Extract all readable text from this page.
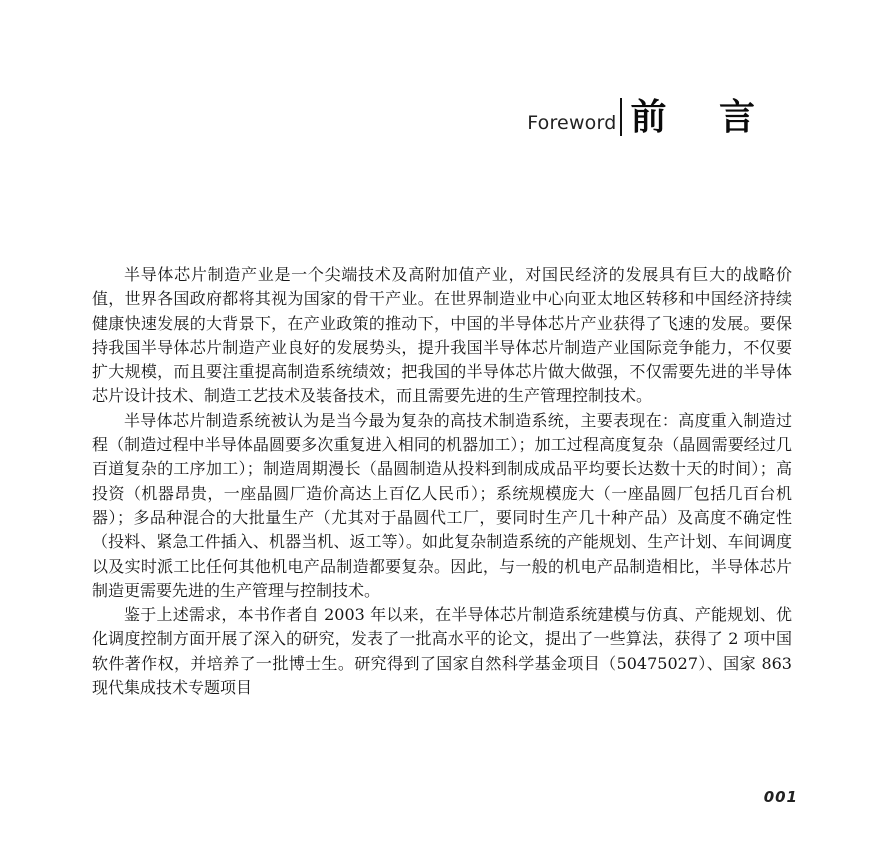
Foreword 前 言

半导体芯片制造产业是一个尖端技术及高附加值产业，对国民经济的发展具有巨大的战略价值，世界各国政府都将其视为国家的骨干产业。在世界制造业中心向亚太地区转移和中国经济持续健康快速发展的大背景下，在产业政策的推动下，中国的半导体芯片产业获得了飞速的发展。要保持我国半导体芯片制造产业良好的发展势头，提升我国半导体芯片制造产业国际竞争能力，不仅要扩大规模，而且要注重提高制造系统绩效；把我国的半导体芯片做大做强，不仅需要先进的半导体芯片设计技术、制造工艺技术及装备技术，而且需要先进的生产管理控制技术。

半导体芯片制造系统被认为是当今最为复杂的高技术制造系统，主要表现在：高度重入制造过程（制造过程中半导体晶圆要多次重复进入相同的机器加工）；加工过程高度复杂（晶圆需要经过几百道复杂的工序加工）；制造周期漫长（晶圆制造从投料到制成成品平均要长达数十天的时间）；高投资（机器昂贵，一座晶圆厂造价高达上百亿人民币）；系统规模庞大（一座晶圆厂包括几百台机器）；多品种混合的大批量生产（尤其对于晶圆代工厂，要同时生产几十种产品）及高度不确定性（投料、紧急工件插入、机器当机、返工等）。如此复杂制造系统的产能规划、生产计划、车间调度以及实时派工比任何其他机电产品制造都要复杂。因此，与一般的机电产品制造相比，半导体芯片制造更需要先进的生产管理与控制技术。

鉴于上述需求，本书作者自 2003 年以来，在半导体芯片制造系统建模与仿真、产能规划、优化调度控制方面开展了深入的研究，发表了一批高水平的论文，提出了一些算法，获得了 2 项中国软件著作权，并培养了一批博士生。研究得到了国家自然科学基金项目（50475027）、国家 863 现代集成技术专题项目

001
